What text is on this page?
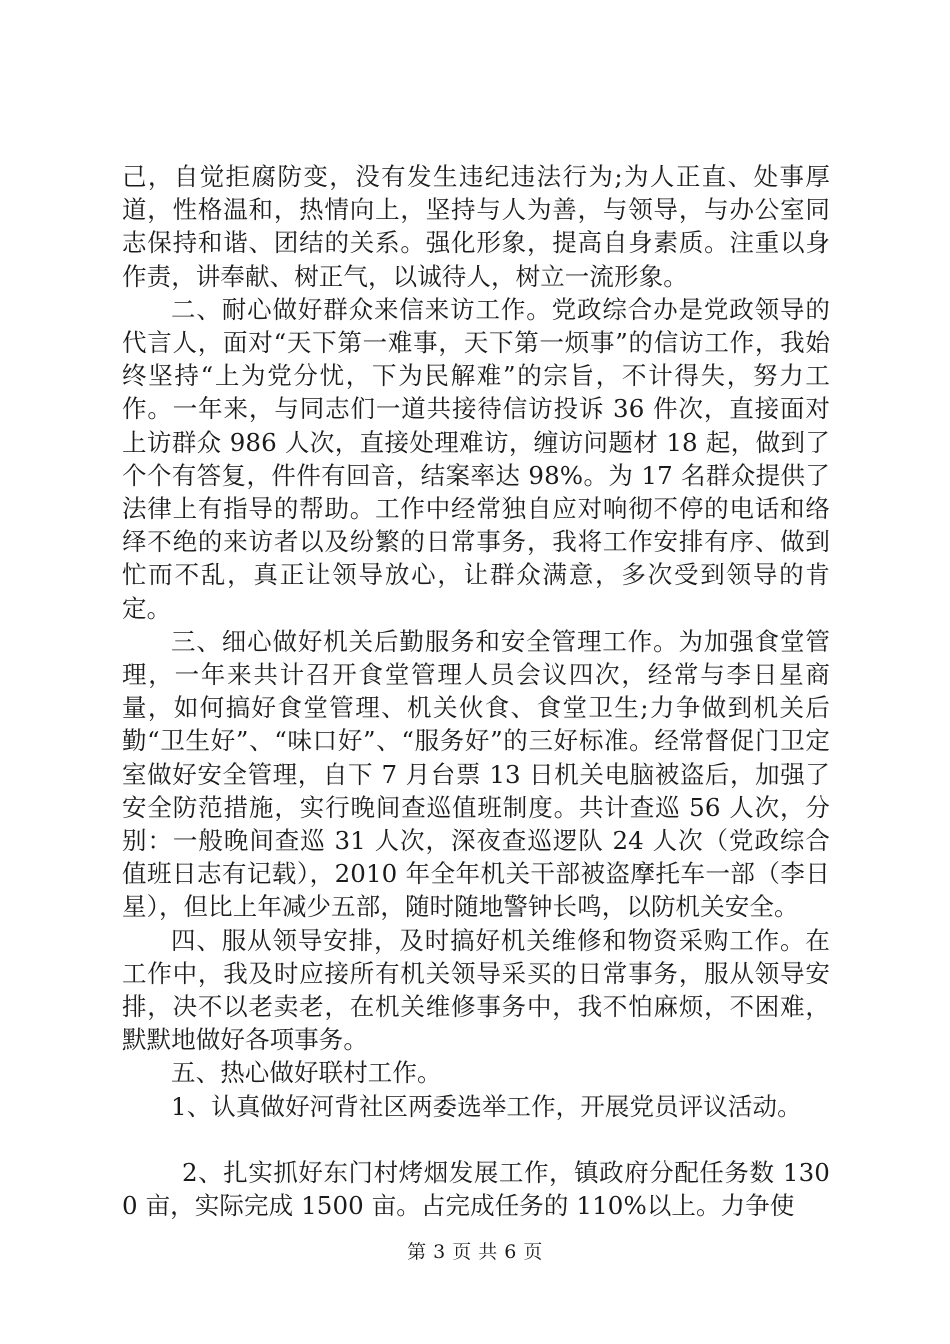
己，自觉拒腐防变，没有发生违纪违法行为;为人正直、处事厚道，性格温和，热情向上，坚持与人为善，与领导，与办公室同志保持和谐、团结的关系。强化形象，提高自身素质。注重以身作责，讲奉献、树正气，以诚待人，树立一流形象。

二、耐心做好群众来信来访工作。党政综合办是党政领导的代言人，面对“天下第一难事，天下第一烦事”的信访工作，我始终坚持“上为党分忧，下为民解难”的宗旨，不计得失，努力工作。一年来，与同志们一道共接待信访投诉 36 件次，直接面对上访群众 986 人次，直接处理难访，缠访问题材 18 起，做到了个个有答复，件件有回音，结案率达 98%。为 17 名群众提供了法律上有指导的帮助。工作中经常独自应对响彻不停的电话和络绎不绝的来访者以及纷繁的日常事务，我将工作安排有序、做到忙而不乱，真正让领导放心，让群众满意，多次受到领导的肯定。

三、细心做好机关后勤服务和安全管理工作。为加强食堂管理，一年来共计召开食堂管理人员会议四次，经常与李日星商量，如何搞好食堂管理、机关伙食、食堂卫生;力争做到机关后勤“卫生好”、“味口好”、“服务好”的三好标准。经常督促门卫定室做好安全管理，自下 7 月台票 13 日机关电脑被盗后，加强了安全防范措施，实行晚间查巡值班制度。共计查巡 56 人次，分别：一般晚间查巡 31 人次，深夜查巡逻队 24 人次（党政综合值班日志有记载），2010 年全年机关干部被盗摩托车一部（李日星），但比上年减少五部，随时随地警钟长鸣，以防机关安全。

四、服从领导安排，及时搞好机关维修和物资采购工作。在工作中，我及时应接所有机关领导采买的日常事务，服从领导安排，决不以老卖老，在机关维修事务中，我不怕麻烦，不困难，默默地做好各项事务。

五、热心做好联村工作。

1、认真做好河背社区两委选举工作，开展党员评议活动。

2、扎实抓好东门村烤烟发展工作，镇政府分配任务数 1300 亩，实际完成 1500 亩。占完成任务的 110%以上。力争使

第 3 页 共 6 页
